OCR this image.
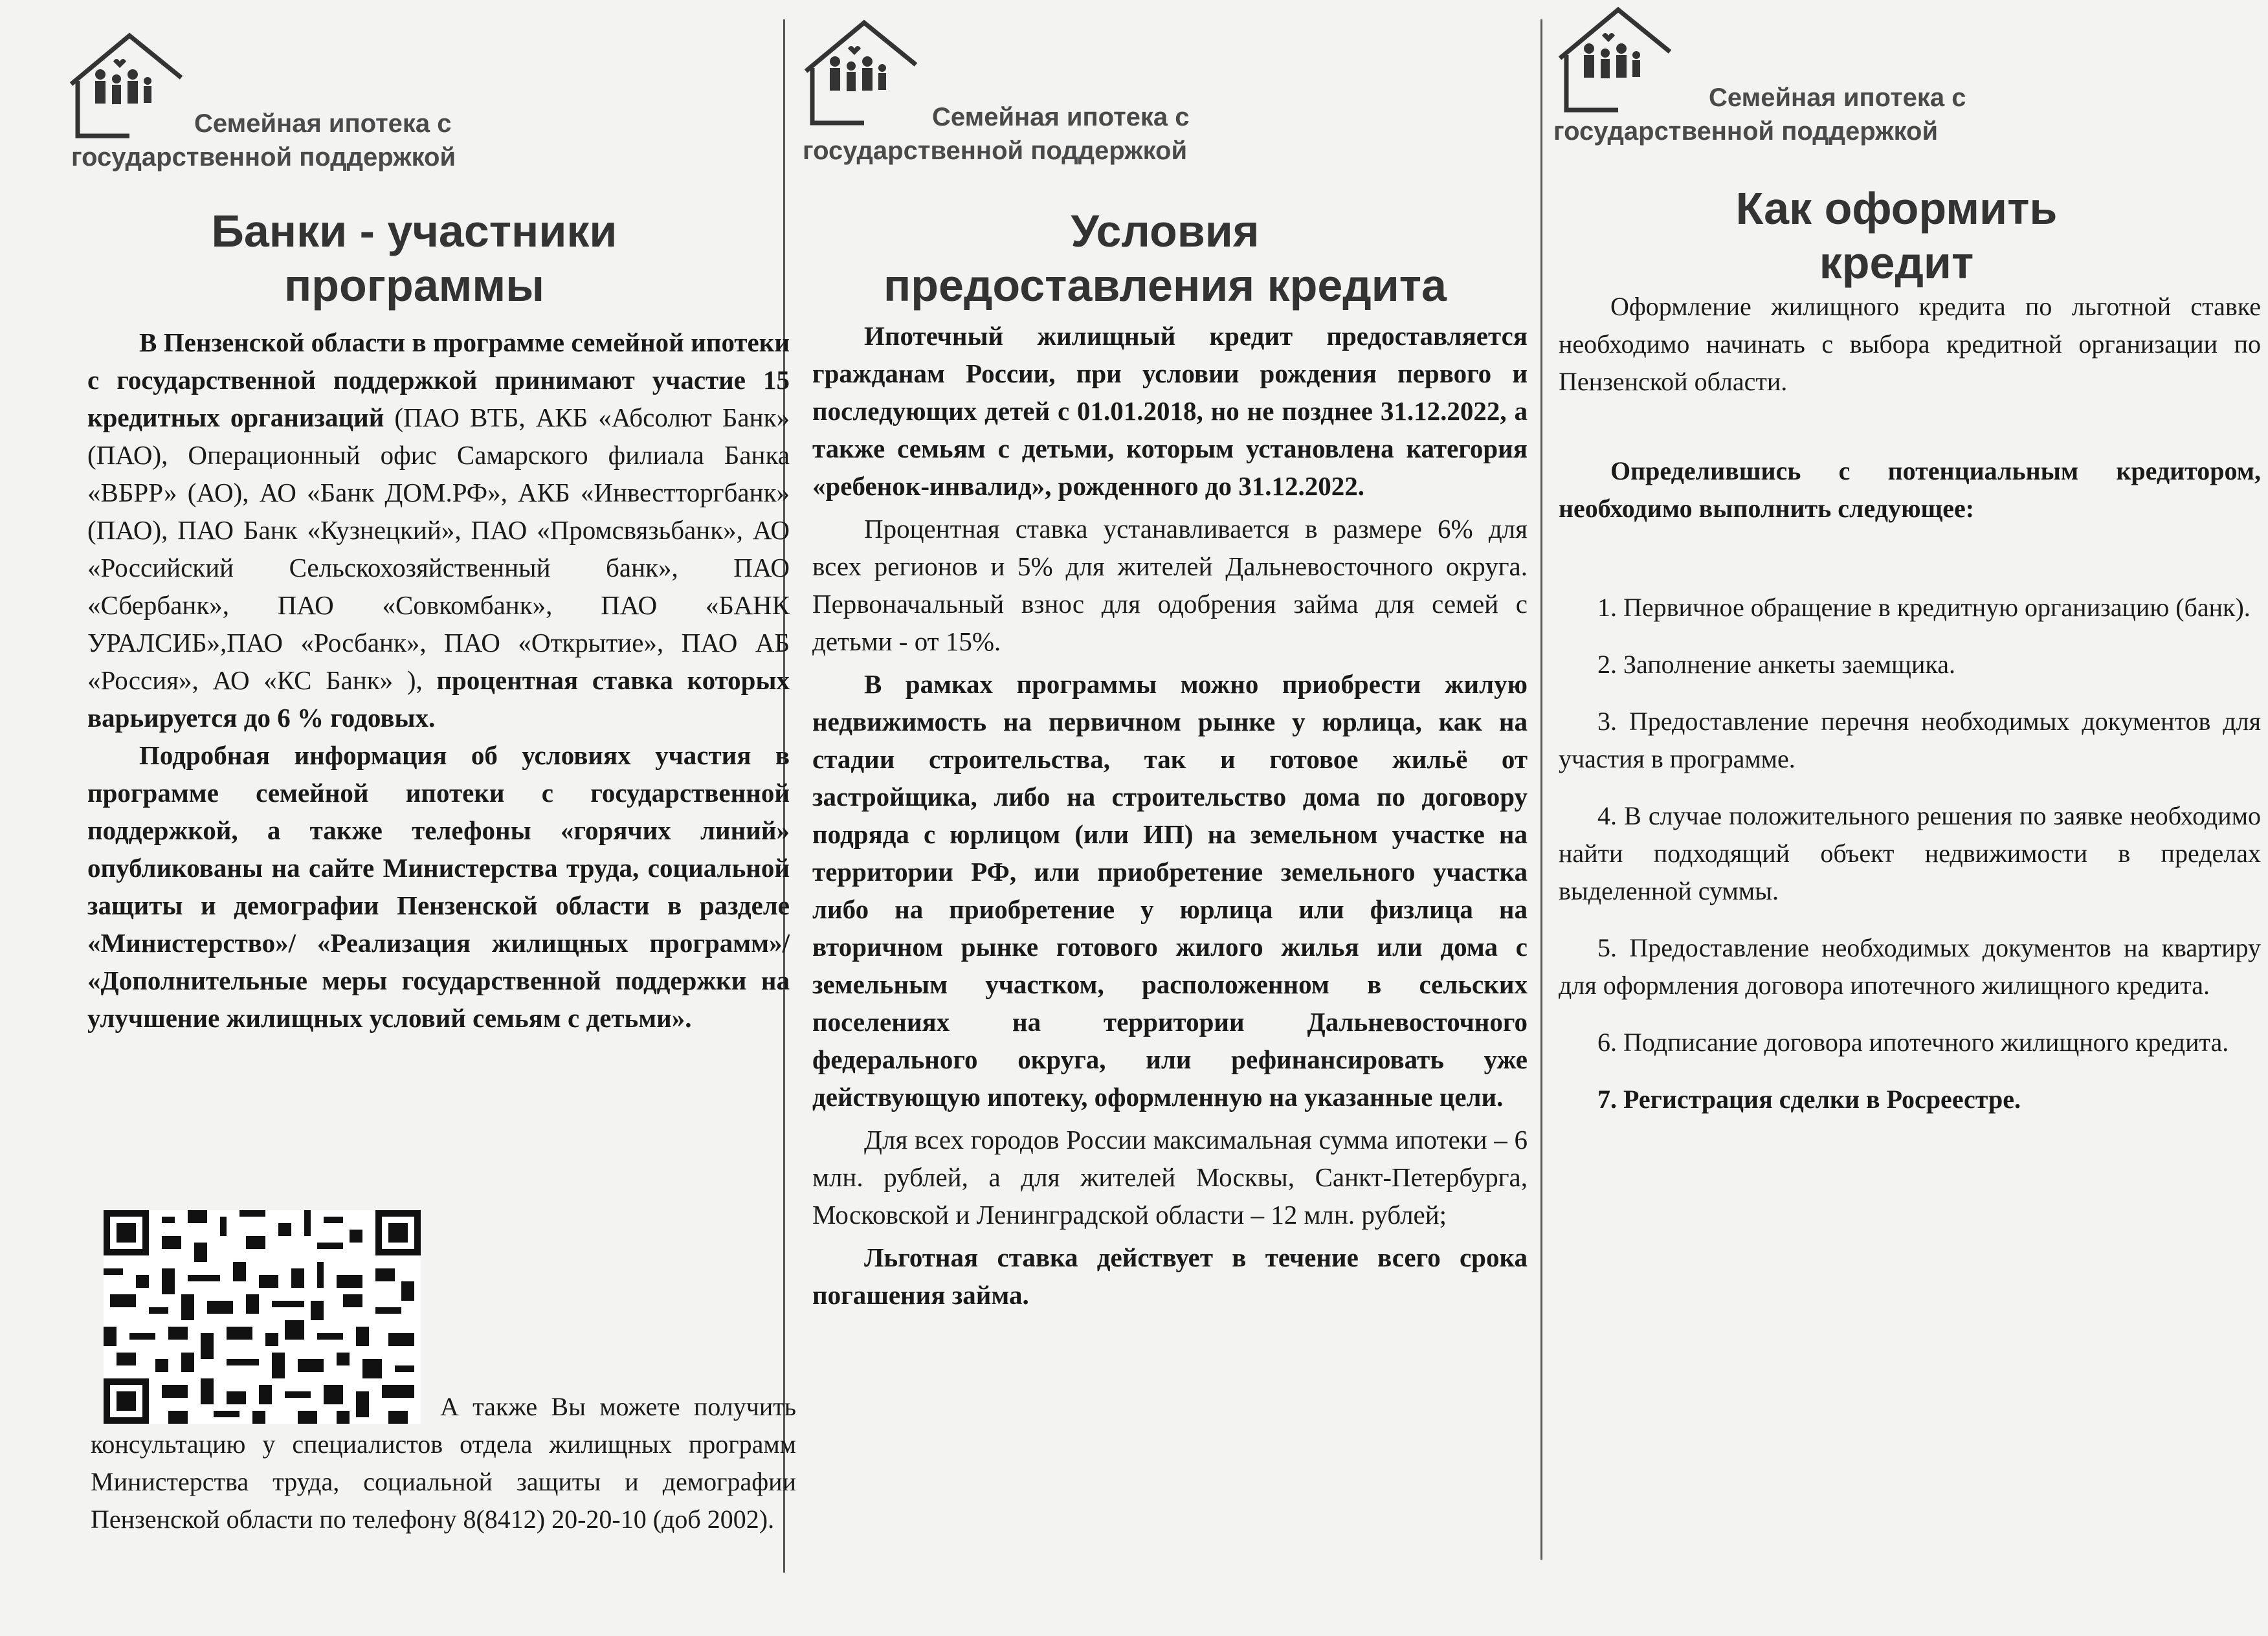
Семейная ипотека с
государственной поддержкой
Банки - участники
программы

В Пензенской области в программе семейной ипотеки с государственной поддержкой принимают участие 15 кредитных организаций (ПАО ВТБ, АКБ «Абсолют Банк» (ПАО), Операционный офис Самарского филиала Банка «ВБРР» (АО), АО «Банк ДОМ.РФ», АКБ «Инвестторгбанк» (ПАО), ПАО Банк «Кузнецкий», ПАО «Промсвязьбанк», АО «Российский Сельскохозяйственный банк», ПАО «Сбербанк», ПАО «Совкомбанк», ПАО «БАНК УРАЛСИБ»,ПАО «Росбанк», ПАО «Открытие», ПАО АБ «Россия», АО «КС Банк» ), процентная ставка которых варьируется до 6 % годовых.

Подробная информация об условиях участия в программе семейной ипотеки с государственной поддержкой, а также телефоны «горячих линий» опубликованы на сайте Министерства труда, социальной защиты и демографии Пензенской области в разделе «Министерство»/ «Реализация жилищных программ»/ «Дополнительные меры государственной поддержки на улучшение жилищных условий семьям с детьми».

А также Вы можете получить консультацию у специалистов отдела жилищных программ Министерства труда, социальной защиты и демографии Пензенской области по телефону 8(8412) 20-20-10 (доб 2002).

Семейная ипотека с
государственной поддержкой
Условия
предоставления кредита

Ипотечный жилищный кредит предоставляется гражданам России, при условии рождения первого и последующих детей с 01.01.2018, но не позднее 31.12.2022, а также семьям с детьми, которым установлена категория «ребенок-инвалид», рожденного до 31.12.2022.

Процентная ставка устанавливается в размере 6% для всех регионов и 5% для жителей Дальневосточного округа. Первоначальный взнос для одобрения займа для семей с детьми - от 15%.

В рамках программы можно приобрести жилую недвижимость на первичном рынке у юрлица, как на стадии строительства, так и готовое жильё от застройщика, либо на строительство дома по договору подряда с юрлицом (или ИП) на земельном участке на территории РФ, или приобретение земельного участка либо на приобретение у юрлица или физлица на вторичном рынке готового жилого жилья или дома с земельным участком, расположенном в сельских поселениях на территории Дальневосточного федерального округа, или рефинансировать уже действующую ипотеку, оформленную на указанные цели.

Для всех городов России максимальная сумма ипотеки – 6 млн. рублей, а для жителей Москвы, Санкт-Петербурга, Московской и Ленинградской области – 12 млн. рублей;

Льготная ставка действует в течение всего срока погашения займа.

Семейная ипотека с
государственной поддержкой
Как оформить
кредит

Оформление жилищного кредита по льготной ставке необходимо начинать с выбора кредитной организации по Пензенской области.

Определившись с потенциальным кредитором, необходимо выполнить следующее:

1. Первичное обращение в кредитную организацию (банк).

2. Заполнение анкеты заемщика.

3. Предоставление перечня необходимых документов для участия в программе.

4. В случае положительного решения по заявке необходимо найти подходящий объект недвижимости в пределах выделенной суммы.

5. Предоставление необходимых документов на квартиру для оформления договора ипотечного жилищного кредита.

6. Подписание договора ипотечного жилищного кредита.

7. Регистрация сделки в Росреестре.
